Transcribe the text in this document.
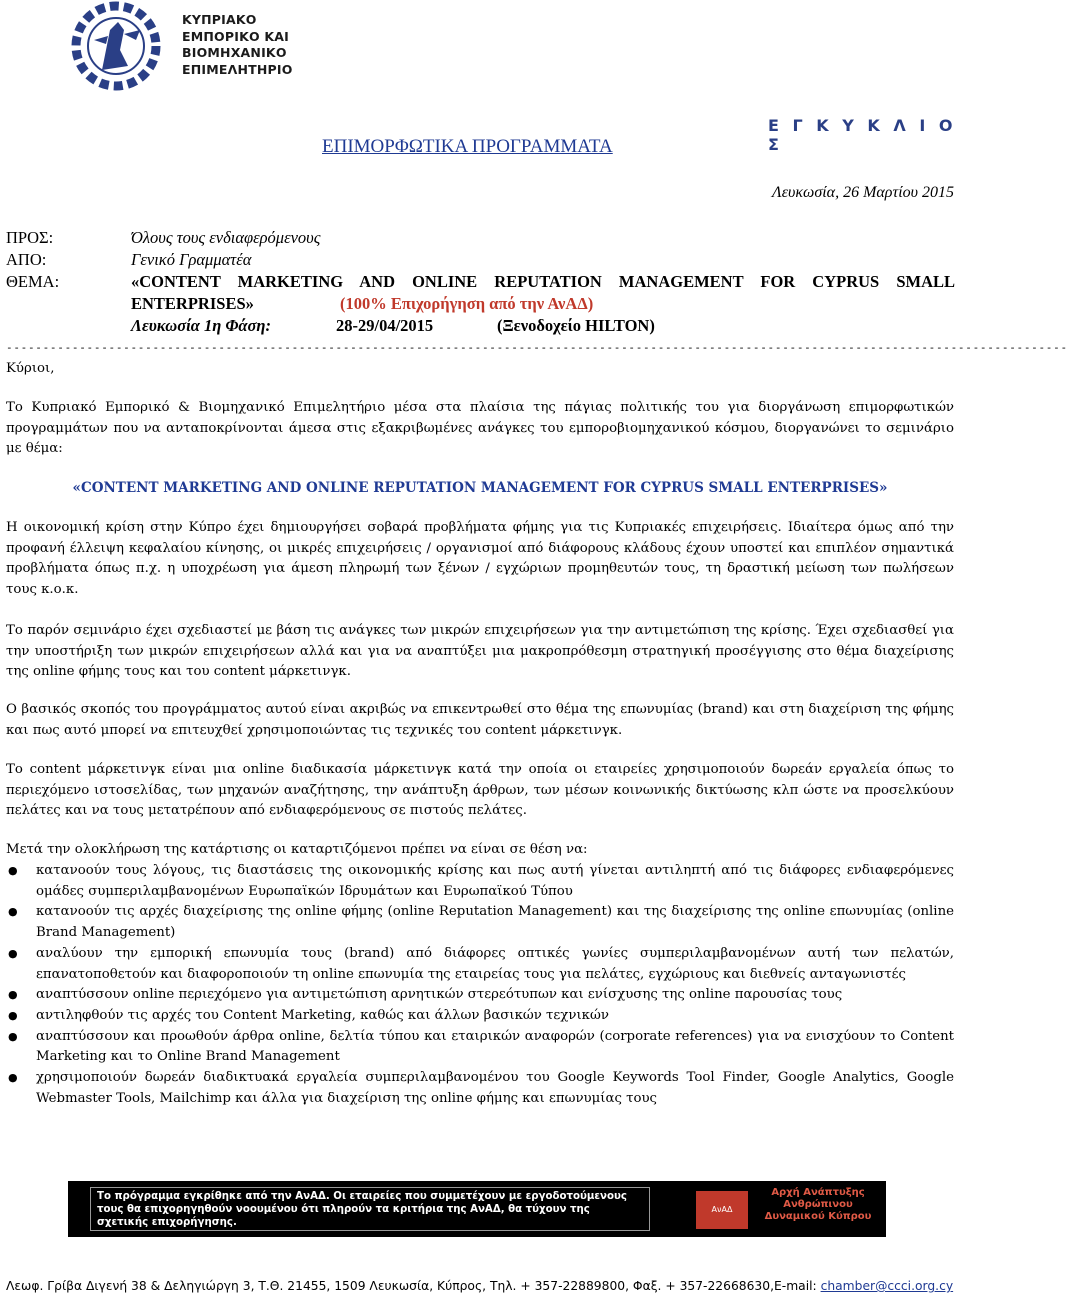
ΚΥΠΡΙΑΚΟ
ΕΜΠΟΡΙΚΟ ΚΑΙ
ΒΙΟΜΗΧΑΝΙΚΟ
ΕΠΙΜΕΛΗΤΗΡΙΟ
Ε Γ Κ Υ Κ Λ Ι Ο Σ
ΕΠΙΜΟΡΦΩΤΙΚΑ ΠΡΟΓΡΑΜΜΑΤΑ
Λευκωσία, 26 Μαρτίου 2015
ΠΡΟΣ:	Όλους τους ενδιαφερόμενους
ΑΠΟ:	Γενικό Γραμματέα
ΘΕΜΑ:	«CONTENT MARKETING AND ONLINE REPUTATION MANAGEMENT FOR CYPRUS SMALL
ENTERPRISES»	(100% Επιχορήγηση από την ΑνΑΔ)
Λευκωσία 1η Φάση:	28-29/04/2015	(Ξενοδοχείο HILTON)
-------------------------------------------------------------------------------------------------------------------------------------------------
Κύριοι,
Το Κυπριακό Εμπορικό & Βιομηχανικό Επιμελητήριο μέσα στα πλαίσια της πάγιας πολιτικής του για διοργάνωση επιμορφωτικών προγραμμάτων που να ανταποκρίνονται άμεσα στις εξακριβωμένες ανάγκες του εμποροβιομηχανικού κόσμου, διοργανώνει το σεμινάριο με θέμα:
«CONTENT MARKETING AND ONLINE REPUTATION MANAGEMENT FOR CYPRUS SMALL ENTERPRISES»
Η οικονομική κρίση στην Κύπρο έχει δημιουργήσει σοβαρά προβλήματα φήμης για τις Κυπριακές επιχειρήσεις. Ιδιαίτερα όμως από την προφανή έλλειψη κεφαλαίου κίνησης, οι μικρές επιχειρήσεις / οργανισμοί από διάφορους κλάδους έχουν υποστεί και επιπλέον σημαντικά προβλήματα όπως π.χ. η υποχρέωση για άμεση πληρωμή των ξένων / εγχώριων προμηθευτών τους, τη δραστική μείωση των πωλήσεων τους κ.ο.κ.
Το παρόν σεμινάριο έχει σχεδιαστεί με βάση τις ανάγκες των μικρών επιχειρήσεων για την αντιμετώπιση της κρίσης. Έχει σχεδιασθεί για την υποστήριξη των μικρών επιχειρήσεων αλλά και για να αναπτύξει μια μακροπρόθεσμη στρατηγική προσέγγισης στο θέμα διαχείρισης της online φήμης τους και του content μάρκετινγκ.
Ο βασικός σκοπός του προγράμματος αυτού είναι ακριβώς να επικεντρωθεί στο θέμα της επωνυμίας (brand) και στη διαχείριση της φήμης και πως αυτό μπορεί να επιτευχθεί χρησιμοποιώντας τις τεχνικές του content μάρκετινγκ.
Το content μάρκετινγκ είναι μια online διαδικασία μάρκετινγκ κατά την οποία οι εταιρείες χρησιμοποιούν δωρεάν εργαλεία όπως το περιεχόμενο ιστοσελίδας, των μηχανών αναζήτησης, την ανάπτυξη άρθρων, των μέσων κοινωνικής δικτύωσης κλπ ώστε να προσελκύουν πελάτες και να τους μετατρέπουν από ενδιαφερόμενους σε πιστούς πελάτες.
Μετά την ολοκλήρωση της κατάρτισης οι καταρτιζόμενοι πρέπει να είναι σε θέση να:
● κατανοούν τους λόγους, τις διαστάσεις της οικονομικής κρίσης και πως αυτή γίνεται αντιληπτή από τις διάφορες ενδιαφερόμενες ομάδες συμπεριλαμβανομένων Ευρωπαϊκών Ιδρυμάτων και Ευρωπαϊκού Τύπου
● κατανοούν τις αρχές διαχείρισης της online φήμης (online Reputation Management) και της διαχείρισης της online επωνυμίας (online Brand Management)
● αναλύουν την εμπορική επωνυμία τους (brand) από διάφορες οπτικές γωνίες συμπεριλαμβανομένων αυτή των πελατών, επανατοποθετούν και διαφοροποιούν τη online επωνυμία της εταιρείας τους για πελάτες, εγχώριους και διεθνείς ανταγωνιστές
● αναπτύσσουν online περιεχόμενο για αντιμετώπιση αρνητικών στερεότυπων και ενίσχυσης της online παρουσίας τους
● αντιληφθούν τις αρχές του Content Marketing, καθώς και άλλων βασικών τεχνικών
● αναπτύσσουν και προωθούν άρθρα online, δελτία τύπου και εταιρικών αναφορών (corporate references) για να ενισχύουν το Content Marketing και το Online Brand Management
● χρησιμοποιούν δωρεάν διαδικτυακά εργαλεία συμπεριλαμβανομένου του Google Keywords Tool Finder, Google Analytics, Google Webmaster Tools, Mailchimp και άλλα για διαχείριση της online φήμης και επωνυμίας τους
Το πρόγραμμα εγκρίθηκε από την ΑνΑΔ. Οι εταιρείες που συμμετέχουν με εργοδοτούμενους τους θα επιχορηγηθούν νοουμένου ότι πληρούν τα κριτήρια της ΑνΑΔ, θα τύχουν της σχετικής επιχορήγησης.
ΑνΑΔ
Αρχή Ανάπτυξης Ανθρώπινου Δυναμικού Κύπρου
Λεωφ. Γρίβα Διγενή 38 & Δεληγιώργη 3, Τ.Θ. 21455, 1509 Λευκωσία, Κύπρος, Τηλ. + 357-22889800, Φαξ. + 357-22668630,E-mail: chamber@ccci.org.cy
